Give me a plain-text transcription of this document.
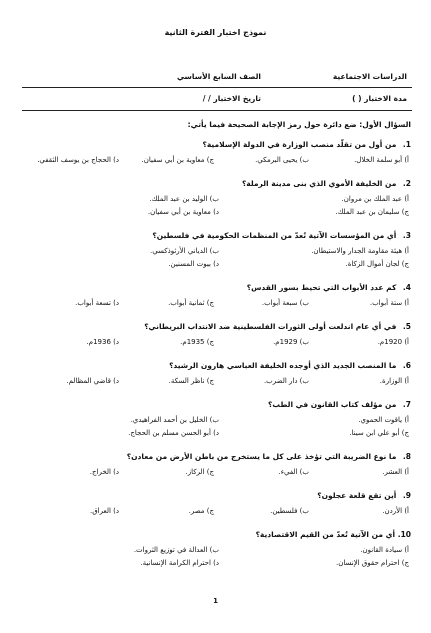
نموذج اختبار الفترة الثانية
الدراسات الاجتماعية
الصف السابع الأساسي
مدة الاختبار ( )
تاريخ الاختبار / /
السؤال الأول: ضع دائرة حول رمز الإجابة الصحيحة فيما يأتي:
1. من أول من تقلّد منصب الوزارة في الدولة الإسلامية؟
أ) أبو سلمة الخلال.
ب) يحيى البرمكي.
ج) معاوية بن أبي سفيان.
د) الحجاج بن يوسف الثقفي.
2. من الخليفة الأموي الذي بنى مدينة الرملة؟
أ) عبد الملك بن مروان.
ب) الوليد بن عبد الملك.
ج) سليمان بن عبد الملك.
د) معاوية بن أبي سفيان.
3. أي من المؤسسات الآتية تُعدّ من المنظمات الحكومية في فلسطين؟
أ) هيئة مقاومة الجدار والاستيطان.
ب) الدياني الأرثوذكسي.
ج) لجان أموال الزكاة.
د) بيوت المسنين.
4. كم عدد الأبواب التي تحيط بسور القدس؟
أ) ستة أبواب.
ب) سبعة أبواب.
ج) ثمانية أبواب.
د) تسعة أبواب.
5. في أي عام اندلعت أولى الثورات الفلسطينية ضد الانتداب البريطاني؟
أ) 1920م.
ب) 1929م.
ج) 1935م.
د) 1936م.
6. ما المنصب الجديد الذي أوجده الخليفة العباسي هارون الرشيد؟
أ) الوزارة.
ب) دار الضرب.
ج) ناظر السكة.
د) قاضي المظالم.
7. من مؤلف كتاب القانون في الطب؟
أ) ياقوت الحموي.
ب) الخليل بن أحمد الفراهيدي.
ج) أبو علي ابن سينا.
د) أبو الحسن مسلم بن الحجاج.
8. ما نوع الضريبة التي تؤخذ على كل ما يستخرج من باطن الأرض من معادن؟
أ) العشر.
ب) الفيء.
ج) الركاز.
د) الخراج.
9. أين تقع قلعة عجلون؟
أ) الأردن.
ب) فلسطين.
ج) مصر.
د) العراق.
10. أي من الآتية تُعدّ من القيم الاقتصادية؟
أ) سيادة القانون.
ب) العدالة في توزيع الثروات.
ج) احترام حقوق الإنسان.
د) احترام الكرامة الإنسانية.
1
